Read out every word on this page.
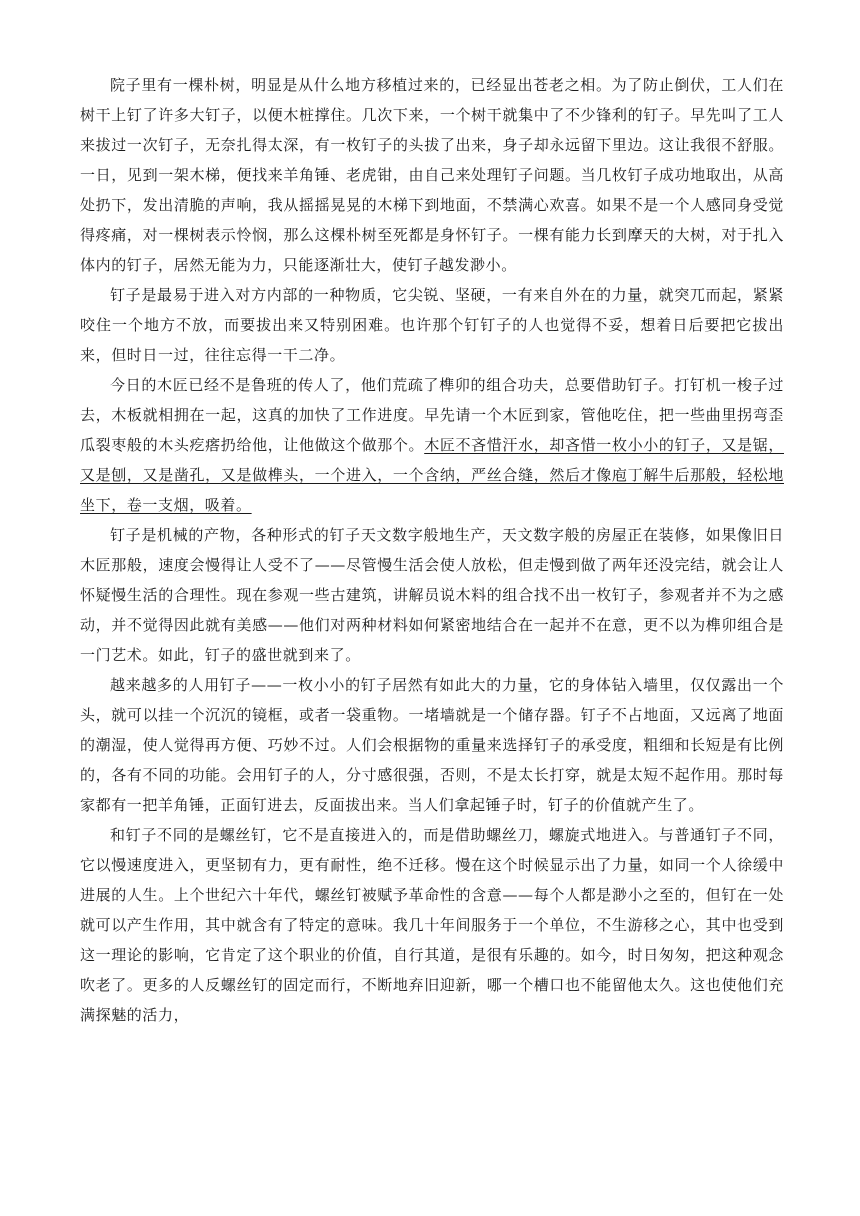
院子里有一棵朴树，明显是从什么地方移植过来的，已经显出苍老之相。为了防止倒伏，工人们在树干上钉了许多大钉子，以便木桩撑住。几次下来，一个树干就集中了不少锋利的钉子。早先叫了工人来拔过一次钉子，无奈扎得太深，有一枚钉子的头拔了出来，身子却永远留下里边。这让我很不舒服。一日，见到一架木梯，便找来羊角锤、老虎钳，由自己来处理钉子问题。当几枚钉子成功地取出，从高处扔下，发出清脆的声响，我从摇摇晃晃的木梯下到地面，不禁满心欢喜。如果不是一个人感同身受觉得疼痛，对一棵树表示怜悯，那么这棵朴树至死都是身怀钉子。一棵有能力长到摩天的大树，对于扎入体内的钉子，居然无能为力，只能逐渐壮大，使钉子越发渺小。

钉子是最易于进入对方内部的一种物质，它尖锐、坚硬，一有来自外在的力量，就突兀而起，紧紧咬住一个地方不放，而要拔出来又特别困难。也许那个钉钉子的人也觉得不妥，想着日后要把它拔出来，但时日一过，往往忘得一干二净。

今日的木匠已经不是鲁班的传人了，他们荒疏了榫卯的组合功夫，总要借助钉子。打钉机一梭子过去，木板就相拥在一起，这真的加快了工作进度。早先请一个木匠到家，管他吃住，把一些曲里拐弯歪瓜裂枣般的木头疙瘩扔给他，让他做这个做那个。木匠不吝惜汗水，却吝惜一枚小小的钉子，又是锯，又是刨，又是凿孔，又是做榫头，一个进入，一个含纳，严丝合缝，然后才像庖丁解牛后那般，轻松地坐下，卷一支烟，吸着。

钉子是机械的产物，各种形式的钉子天文数字般地生产，天文数字般的房屋正在装修，如果像旧日木匠那般，速度会慢得让人受不了——尽管慢生活会使人放松，但走慢到做了两年还没完结，就会让人怀疑慢生活的合理性。现在参观一些古建筑，讲解员说木料的组合找不出一枚钉子，参观者并不为之感动，并不觉得因此就有美感——他们对两种材料如何紧密地结合在一起并不在意，更不以为榫卯组合是一门艺术。如此，钉子的盛世就到来了。

越来越多的人用钉子——一枚小小的钉子居然有如此大的力量，它的身体钻入墙里，仅仅露出一个头，就可以挂一个沉沉的镜框，或者一袋重物。一堵墙就是一个储存器。钉子不占地面，又远离了地面的潮湿，使人觉得再方便、巧妙不过。人们会根据物的重量来选择钉子的承受度，粗细和长短是有比例的，各有不同的功能。会用钉子的人，分寸感很强，否则，不是太长打穿，就是太短不起作用。那时每家都有一把羊角锤，正面钉进去，反面拔出来。当人们拿起锤子时，钉子的价值就产生了。

和钉子不同的是螺丝钉，它不是直接进入的，而是借助螺丝刀，螺旋式地进入。与普通钉子不同，它以慢速度进入，更坚韧有力，更有耐性，绝不迁移。慢在这个时候显示出了力量，如同一个人徐缓中进展的人生。上个世纪六十年代，螺丝钉被赋予革命性的含意——每个人都是渺小之至的，但钉在一处就可以产生作用，其中就含有了特定的意味。我几十年间服务于一个单位，不生游移之心，其中也受到这一理论的影响，它肯定了这个职业的价值，自行其道，是很有乐趣的。如今，时日匆匆，把这种观念吹老了。更多的人反螺丝钉的固定而行，不断地弃旧迎新，哪一个槽口也不能留他太久。这也使他们充满探魅的活力，
